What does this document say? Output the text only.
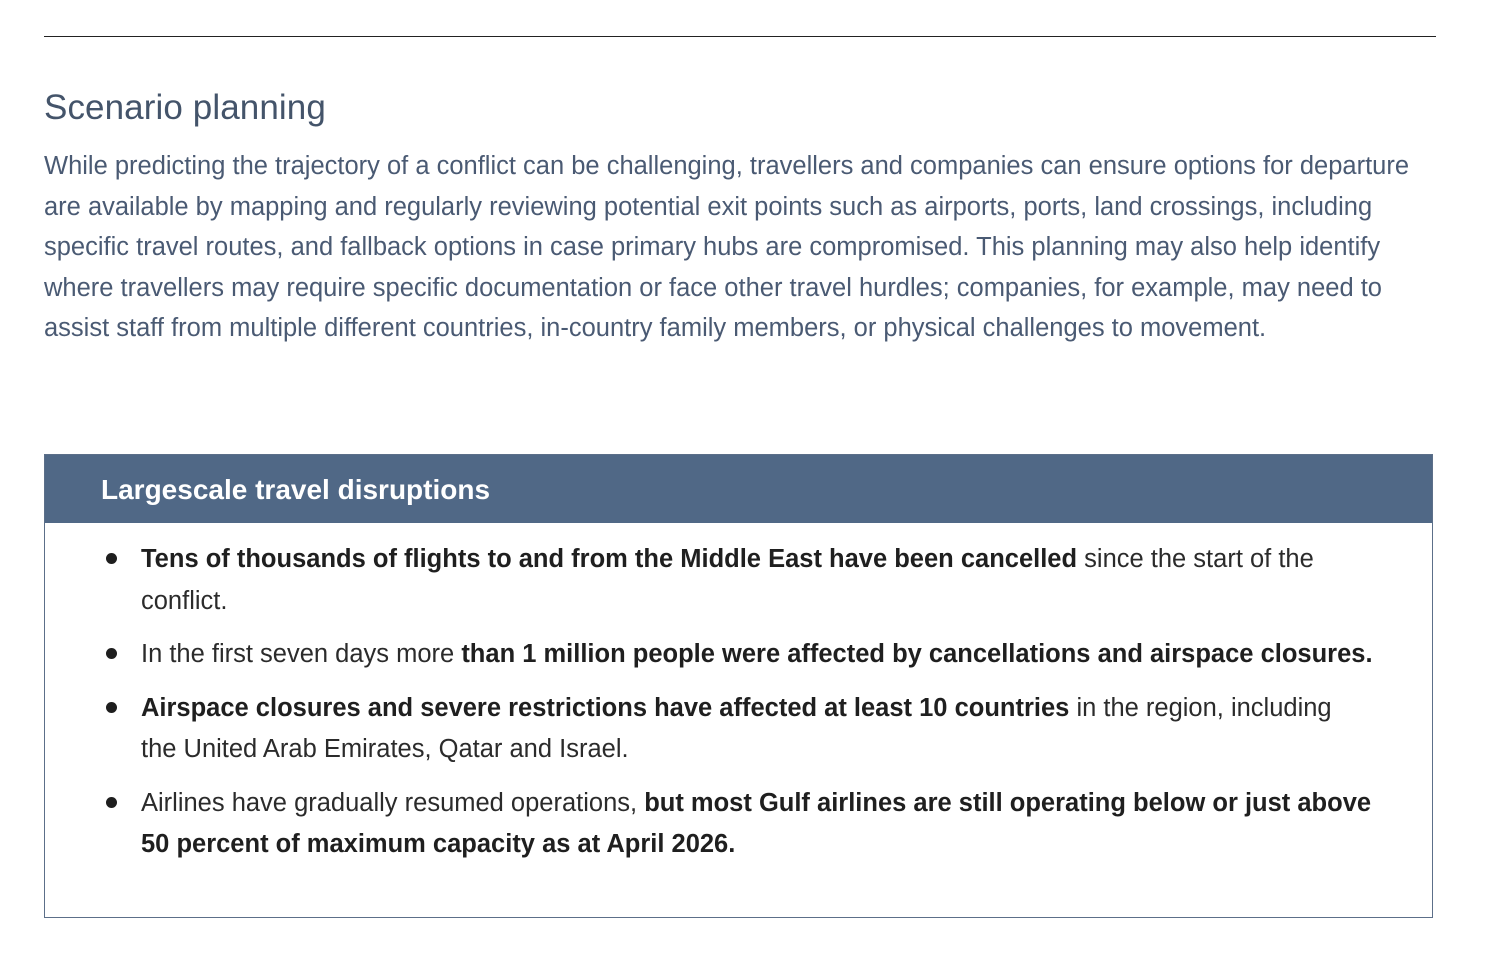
Scenario planning

While predicting the trajectory of a conflict can be challenging, travellers and companies can ensure options for departure are available by mapping and regularly reviewing potential exit points such as airports, ports, land crossings, including specific travel routes, and fallback options in case primary hubs are compromised. This planning may also help identify where travellers may require specific documentation or face other travel hurdles; companies, for example, may need to assist staff from multiple different countries, in-country family members, or physical challenges to movement.

Largescale travel disruptions
Tens of thousands of flights to and from the Middle East have been cancelled since the start of the conflict.
In the first seven days more than 1 million people were affected by cancellations and airspace closures.
Airspace closures and severe restrictions have affected at least 10 countries in the region, including the United Arab Emirates, Qatar and Israel.
Airlines have gradually resumed operations, but most Gulf airlines are still operating below or just above 50 percent of maximum capacity as at April 2026.
